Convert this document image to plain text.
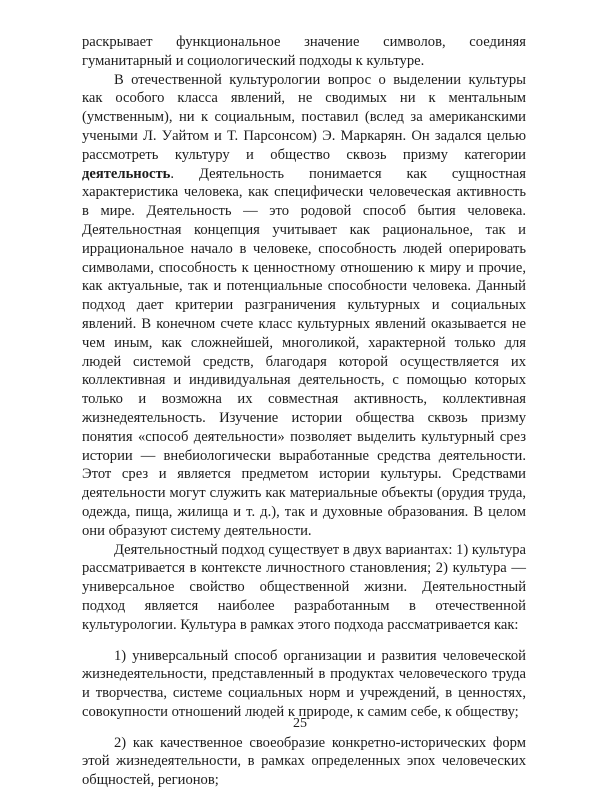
раскрывает функциональное значение символов, соединяя гуманитарный и социологический подходы к культуре.

В отечественной культурологии вопрос о выделении культуры как особого класса явлений, не сводимых ни к ментальным (умственным), ни к социальным, поставил (вслед за американскими учеными Л. Уайтом и Т. Парсонсом) Э. Маркарян. Он задался целью рассмотреть культуру и общество сквозь призму категории деятельность. Деятельность понимается как сущностная характеристика человека, как специфически человеческая активность в мире. Деятельность — это родовой способ бытия человека. Деятельностная концепция учитывает как рациональное, так и иррациональное начало в человеке, способность людей оперировать символами, способность к ценностному отношению к миру и прочие, как актуальные, так и потенциальные способности человека. Данный подход дает критерии разграничения культурных и социальных явлений. В конечном счете класс культурных явлений оказывается не чем иным, как сложнейшей, многоликой, характерной только для людей системой средств, благодаря которой осуществляется их коллективная и индивидуальная деятельность, с помощью которых только и возможна их совместная активность, коллективная жизнедеятельность. Изучение истории общества сквозь призму понятия «способ деятельности» позволяет выделить культурный срез истории — внебиологически выработанные средства деятельности. Этот срез и является предметом истории культуры. Средствами деятельности могут служить как материальные объекты (орудия труда, одежда, пища, жилища и т. д.), так и духовные образования. В целом они образуют систему деятельности.

Деятельностный подход существует в двух вариантах: 1) культура рассматривается в контексте личностного становления; 2) культура — универсальное свойство общественной жизни. Деятельностный подход является наиболее разработанным в отечественной культурологии. Культура в рамках этого подхода рассматривается как:

1) универсальный способ организации и развития человеческой жизнедеятельности, представленный в продуктах человеческого труда и творчества, системе социальных норм и учреждений, в ценностях, совокупности отношений людей к природе, к самим себе, к обществу;

2) как качественное своеобразие конкретно-исторических форм этой жизнедеятельности, в рамках определенных эпох человеческих общностей, регионов;

25
